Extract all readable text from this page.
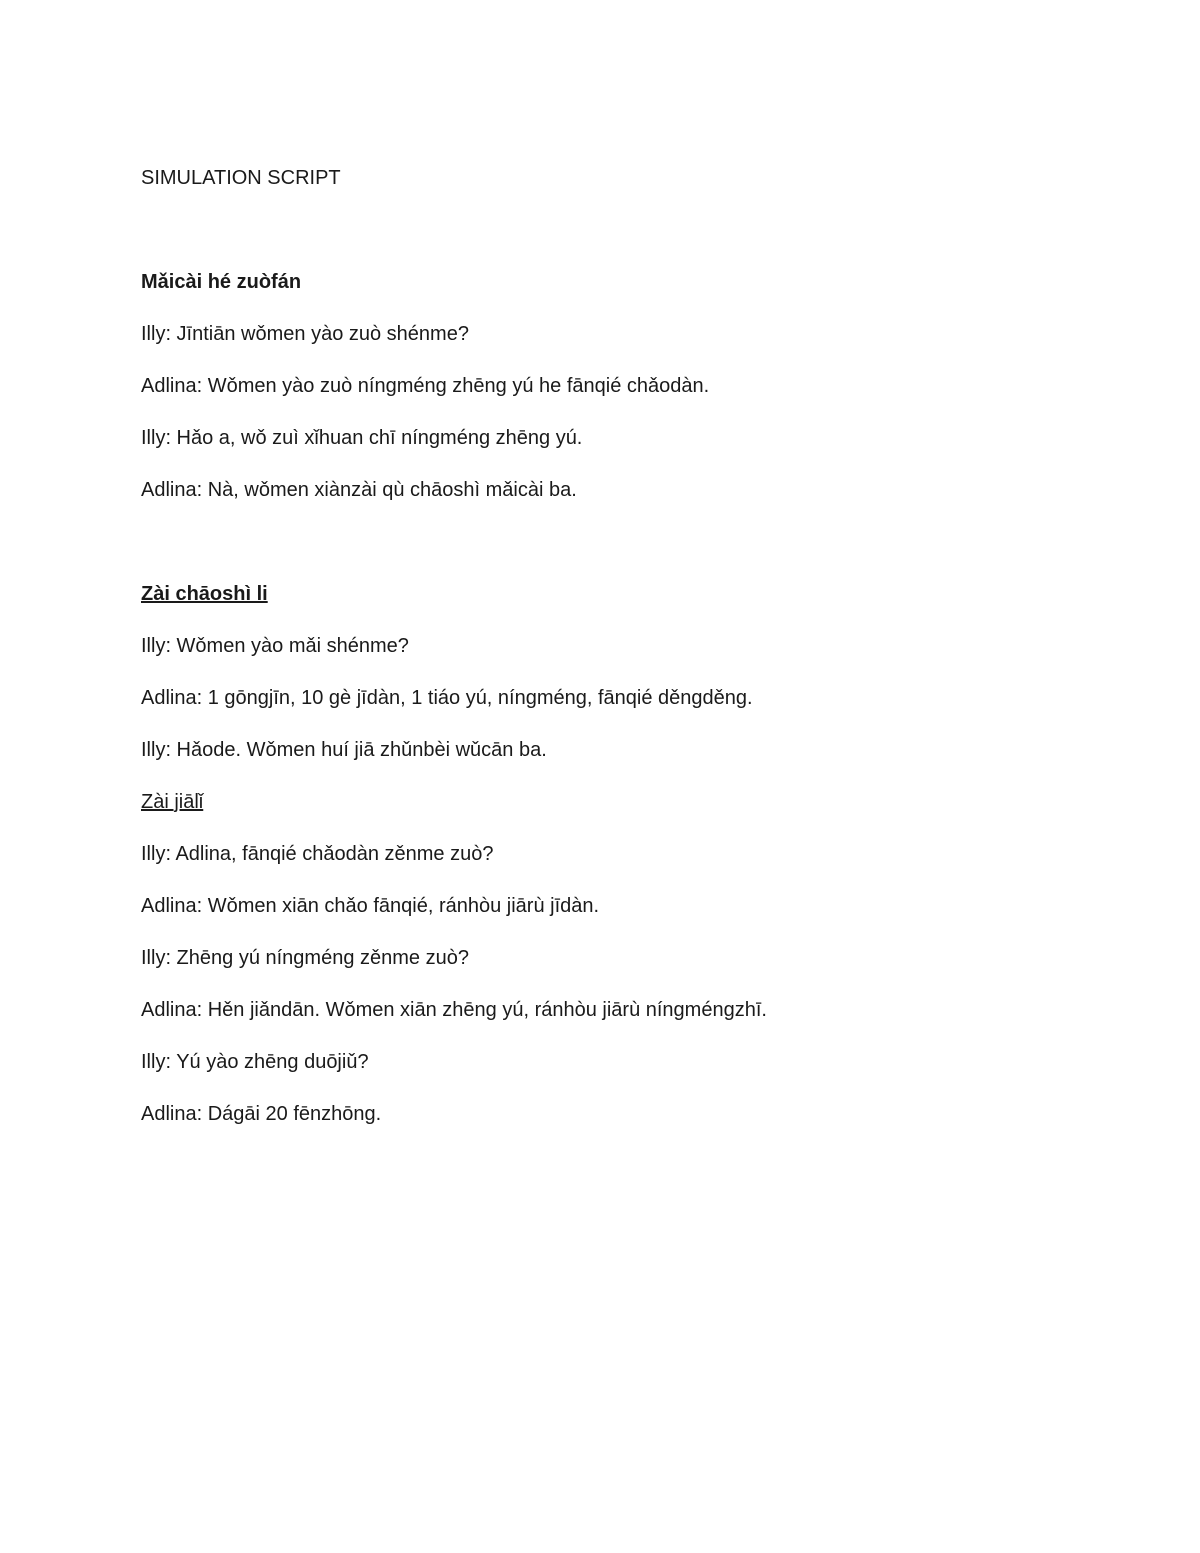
SIMULATION SCRIPT

Mǎicài hé zuòfán

Illy: Jīntiān wǒmen yào zuò shénme?

Adlina: Wǒmen yào zuò níngméng zhēng yú he fānqié chǎodàn.

Illy: Hǎo a, wǒ zuì xǐhuan chī níngméng zhēng yú.

Adlina: Nà, wǒmen xiànzài qù chāoshì mǎicài ba.

Zài chāoshì li

Illy: Wǒmen yào mǎi shénme?

Adlina: 1 gōngjīn, 10 gè jīdàn, 1 tiáo yú, níngméng, fānqié děngděng.

Illy: Hǎode. Wǒmen huí jiā zhǔnbèi wǔcān ba.

Zài jiālǐ

Illy: Adlina, fānqié chǎodàn zěnme zuò?

Adlina: Wǒmen xiān chǎo fānqié, ránhòu jiārù jīdàn.

Illy: Zhēng yú níngméng zěnme zuò?

Adlina: Hěn jiǎndān. Wǒmen xiān zhēng yú, ránhòu jiārù níngméngzhī.

Illy: Yú yào zhēng duōjiǔ?

Adlina: Dágāi 20 fēnzhōng.
